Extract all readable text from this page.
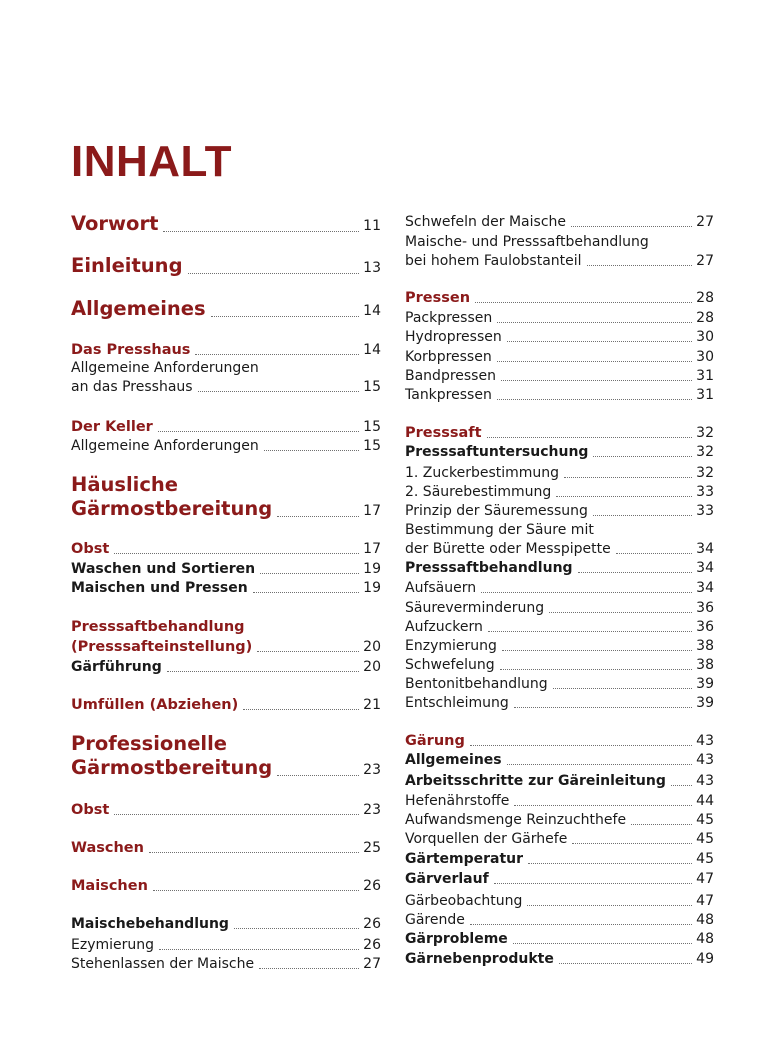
INHALT
Vorwort	11
Einleitung	13
Allgemeines	14
Das Presshaus	14
Allgemeine Anforderungen
an das Presshaus	15
Der Keller	15
Allgemeine Anforderungen	15
Häusliche
Gärmostbereitung	17
Obst	17
Waschen und Sortieren	19
Maischen und Pressen	19
Presssaftbehandlung
(Presssafteinstellung)	20
Gärführung	20
Umfüllen (Abziehen)	21
Professionelle
Gärmostbereitung	23
Obst	23
Waschen	25
Maischen	26
Maischebehandlung	26
Ezymierung	26
Stehenlassen der Maische	27
Schwefeln der Maische	27
Maische- und Presssaftbehandlung
bei hohem Faulobstanteil	27
Pressen	28
Packpressen	28
Hydropressen	30
Korbpressen	30
Bandpressen	31
Tankpressen	31
Presssaft	32
Presssaftuntersuchung	32
1. Zuckerbestimmung	32
2. Säurebestimmung	33
Prinzip der Säuremessung	33
Bestimmung der Säure mit
der Bürette oder Messpipette	34
Presssaftbehandlung	34
Aufsäuern	34
Säureverminderung	36
Aufzuckern	36
Enzymierung	38
Schwefelung	38
Bentonitbehandlung	39
Entschleimung	39
Gärung	43
Allgemeines	43
Arbeitsschritte zur Gäreinleitung 43
Hefenährstoffe	44
Aufwandsmenge Reinzuchthefe	45
Vorquellen der Gärhefe	45
Gärtemperatur	45
Gärverlauf	47
Gärbeobachtung	47
Gärende	48
Gärprobleme	48
Gärnebenprodukte	49
